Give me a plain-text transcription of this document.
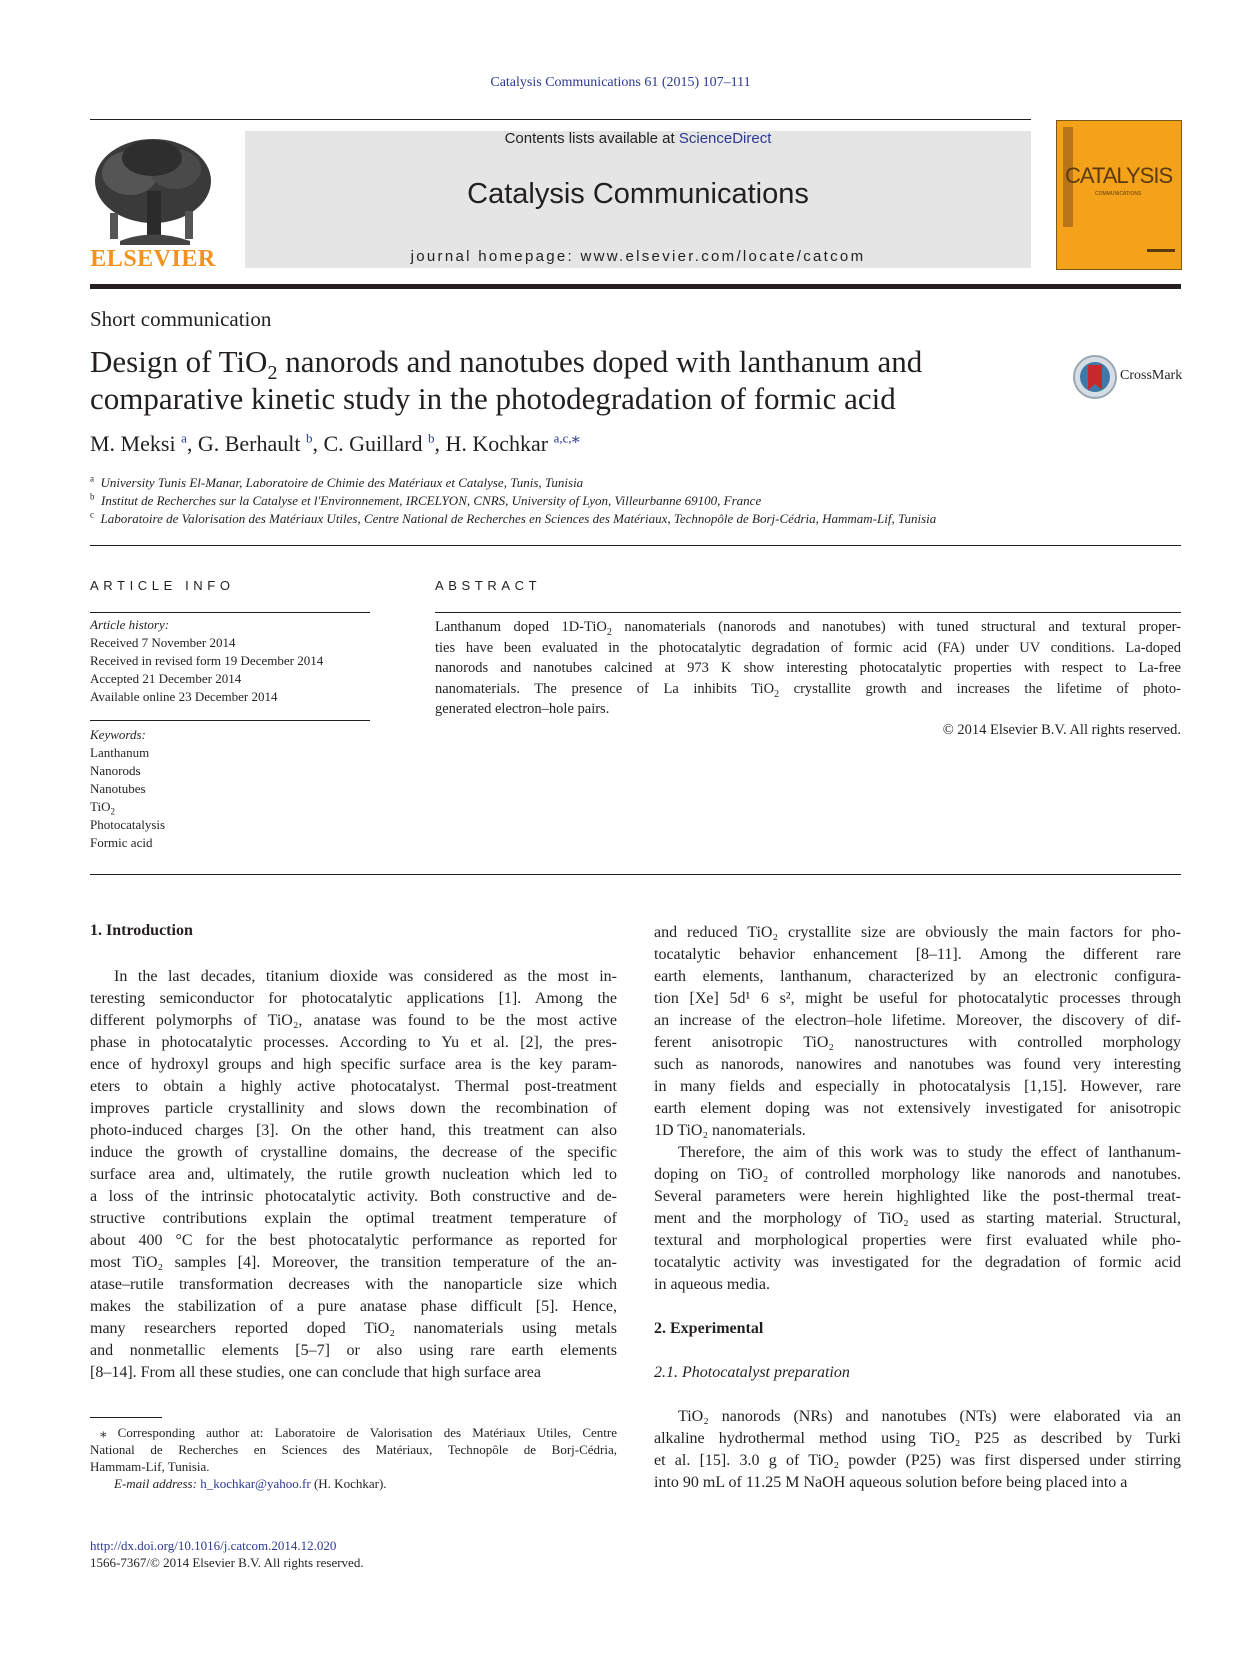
Catalysis Communications 61 (2015) 107–111
ELSEVIER
Contents lists available at ScienceDirect
Catalysis Communications
journal homepage: www.elsevier.com/locate/catcom
CATALYSIS
COMMUNICATIONS
Short communication
Design of TiO$_2$ nanorods and nanotubes doped with lanthanum and
comparative kinetic study in the photodegradation of formic acid
CrossMark
M. Meksi $^a$, G. Berhault $^b$, C. Guillard $^b$, H. Kochkar $^{a,c,⁎}$
$^a$ University Tunis El-Manar, Laboratoire de Chimie des Matériaux et Catalyse, Tunis, Tunisia
$^b$ Institut de Recherches sur la Catalyse et l'Environnement, IRCELYON, CNRS, University of Lyon, Villeurbanne 69100, France
$^c$ Laboratoire de Valorisation des Matériaux Utiles, Centre National de Recherches en Sciences des Matériaux, Technopôle de Borj-Cédria, Hammam-Lif, Tunisia
ARTICLE INFO
Article history:
Received 7 November 2014
Received in revised form 19 December 2014
Accepted 21 December 2014
Available online 23 December 2014
Keywords:
Lanthanum
Nanorods
Nanotubes
TiO$_2$
Photocatalysis
Formic acid
ABSTRACT
Lanthanum doped 1D-TiO$_2$ nanomaterials (nanorods and nanotubes) with tuned structural and textural proper-
ties have been evaluated in the photocatalytic degradation of formic acid (FA) under UV conditions. La-doped
nanorods and nanotubes calcined at 973 K show interesting photocatalytic properties with respect to La-free
nanomaterials. The presence of La inhibits TiO$_2$ crystallite growth and increases the lifetime of photo-
generated electron–hole pairs.
© 2014 Elsevier B.V. All rights reserved.
1. Introduction
In the last decades, titanium dioxide was considered as the most in-
teresting semiconductor for photocatalytic applications [1]. Among the
different polymorphs of TiO₂, anatase was found to be the most active
phase in photocatalytic processes. According to Yu et al. [2], the pres-
ence of hydroxyl groups and high specific surface area is the key param-
eters to obtain a highly active photocatalyst. Thermal post-treatment
improves particle crystallinity and slows down the recombination of
photo-induced charges [3]. On the other hand, this treatment can also
induce the growth of crystalline domains, the decrease of the specific
surface area and, ultimately, the rutile growth nucleation which led to
a loss of the intrinsic photocatalytic activity. Both constructive and de-
structive contributions explain the optimal treatment temperature of
about 400 °C for the best photocatalytic performance as reported for
most TiO₂ samples [4]. Moreover, the transition temperature of the an-
atase–rutile transformation decreases with the nanoparticle size which
makes the stabilization of a pure anatase phase difficult [5]. Hence,
many researchers reported doped TiO₂ nanomaterials using metals
and nonmetallic elements [5–7] or also using rare earth elements
[8–14]. From all these studies, one can conclude that high surface area
⁎ Corresponding author at: Laboratoire de Valorisation des Matériaux Utiles, Centre
National de Recherches en Sciences des Matériaux, Technopôle de Borj-Cédria,
Hammam-Lif, Tunisia.
E-mail address: h_kochkar@yahoo.fr (H. Kochkar).
http://dx.doi.org/10.1016/j.catcom.2014.12.020
1566-7367/© 2014 Elsevier B.V. All rights reserved.
and reduced TiO₂ crystallite size are obviously the main factors for pho-
tocatalytic behavior enhancement [8–11]. Among the different rare
earth elements, lanthanum, characterized by an electronic configura-
tion [Xe] 5d¹ 6 s², might be useful for photocatalytic processes through
an increase of the electron–hole lifetime. Moreover, the discovery of dif-
ferent anisotropic TiO₂ nanostructures with controlled morphology
such as nanorods, nanowires and nanotubes was found very interesting
in many fields and especially in photocatalysis [1,15]. However, rare
earth element doping was not extensively investigated for anisotropic
1D TiO₂ nanomaterials.
Therefore, the aim of this work was to study the effect of lanthanum-
doping on TiO₂ of controlled morphology like nanorods and nanotubes.
Several parameters were herein highlighted like the post-thermal treat-
ment and the morphology of TiO₂ used as starting material. Structural,
textural and morphological properties were first evaluated while pho-
tocatalytic activity was investigated for the degradation of formic acid
in aqueous media.
2. Experimental
2.1. Photocatalyst preparation
TiO₂ nanorods (NRs) and nanotubes (NTs) were elaborated via an
alkaline hydrothermal method using TiO₂ P25 as described by Turki
et al. [15]. 3.0 g of TiO₂ powder (P25) was first dispersed under stirring
into 90 mL of 11.25 M NaOH aqueous solution before being placed into a
